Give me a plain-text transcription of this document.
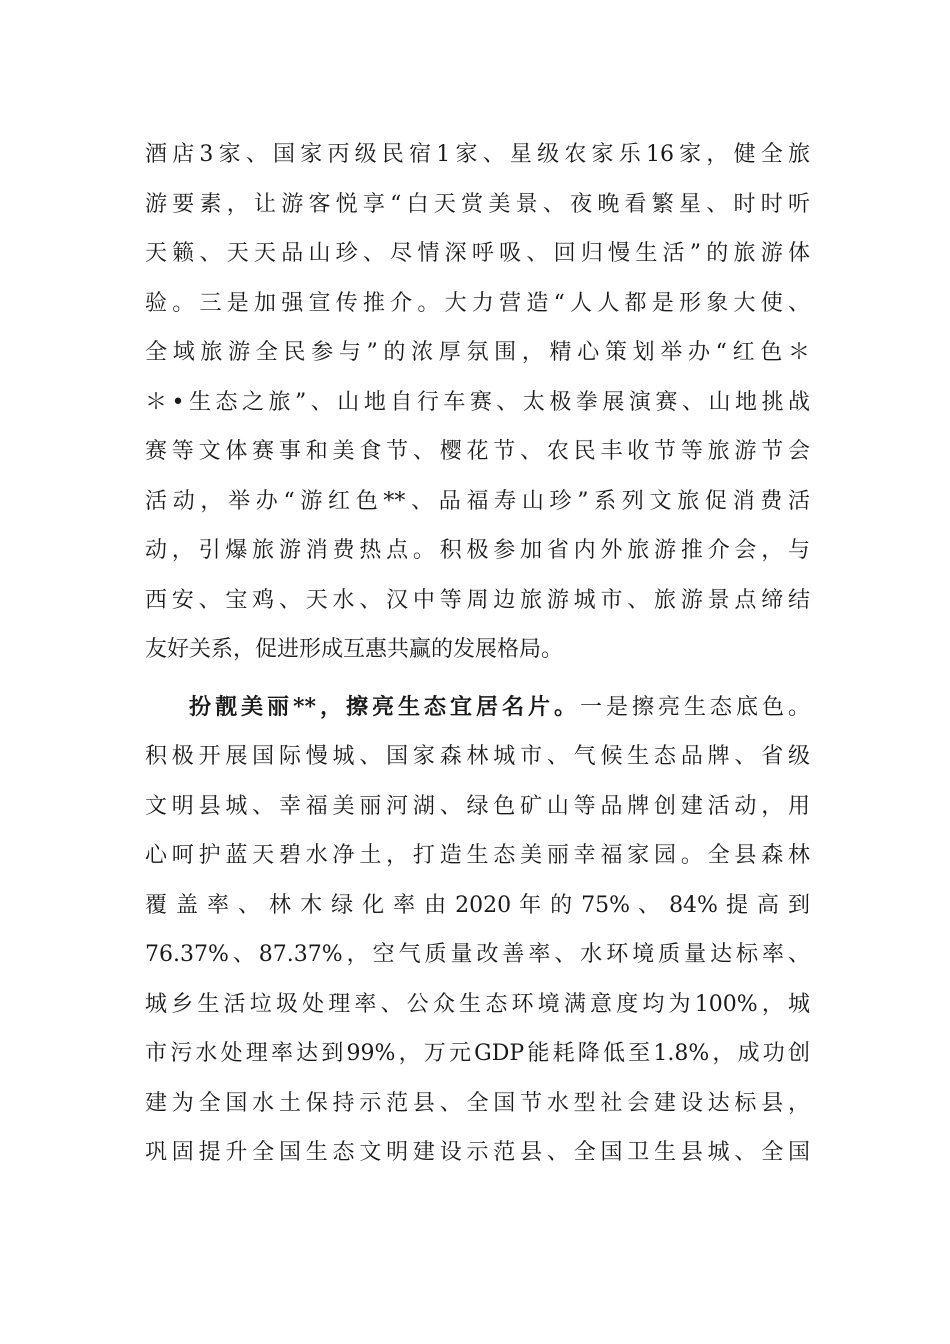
酒店3家、国家丙级民宿1家、星级农家乐16家，健全旅
游要素，让游客悦享“白天赏美景、夜晚看繁星、时时听
天籁、天天品山珍、尽情深呼吸、回归慢生活”的旅游体
验。三是加强宣传推介。大力营造“人人都是形象大使、
全域旅游全民参与”的浓厚氛围，精心策划举办“红色＊
＊•生态之旅”、山地自行车赛、太极拳展演赛、山地挑战
赛等文体赛事和美食节、樱花节、农民丰收节等旅游节会
活动，举办“游红色**、品福寿山珍”系列文旅促消费活
动，引爆旅游消费热点。积极参加省内外旅游推介会，与
西安、宝鸡、天水、汉中等周边旅游城市、旅游景点缔结
友好关系，促进形成互惠共赢的发展格局。
扮靓美丽**，擦亮生态宜居名片。一是擦亮生态底色。
积极开展国际慢城、国家森林城市、气候生态品牌、省级
文明县城、幸福美丽河湖、绿色矿山等品牌创建活动，用
心呵护蓝天碧水净土，打造生态美丽幸福家园。全县森林
覆 盖 率 、 林 木 绿 化 率 由 2020 年 的 75% 、 84% 提 高 到
76.37%、87.37%，空气质量改善率、水环境质量达标率、
城乡生活垃圾处理率、公众生态环境满意度均为100%，城
市污水处理率达到99%，万元GDP能耗降低至1.8%，成功创
建为全国水土保持示范县、全国节水型社会建设达标县，
巩固提升全国生态文明建设示范县、全国卫生县城、全国
